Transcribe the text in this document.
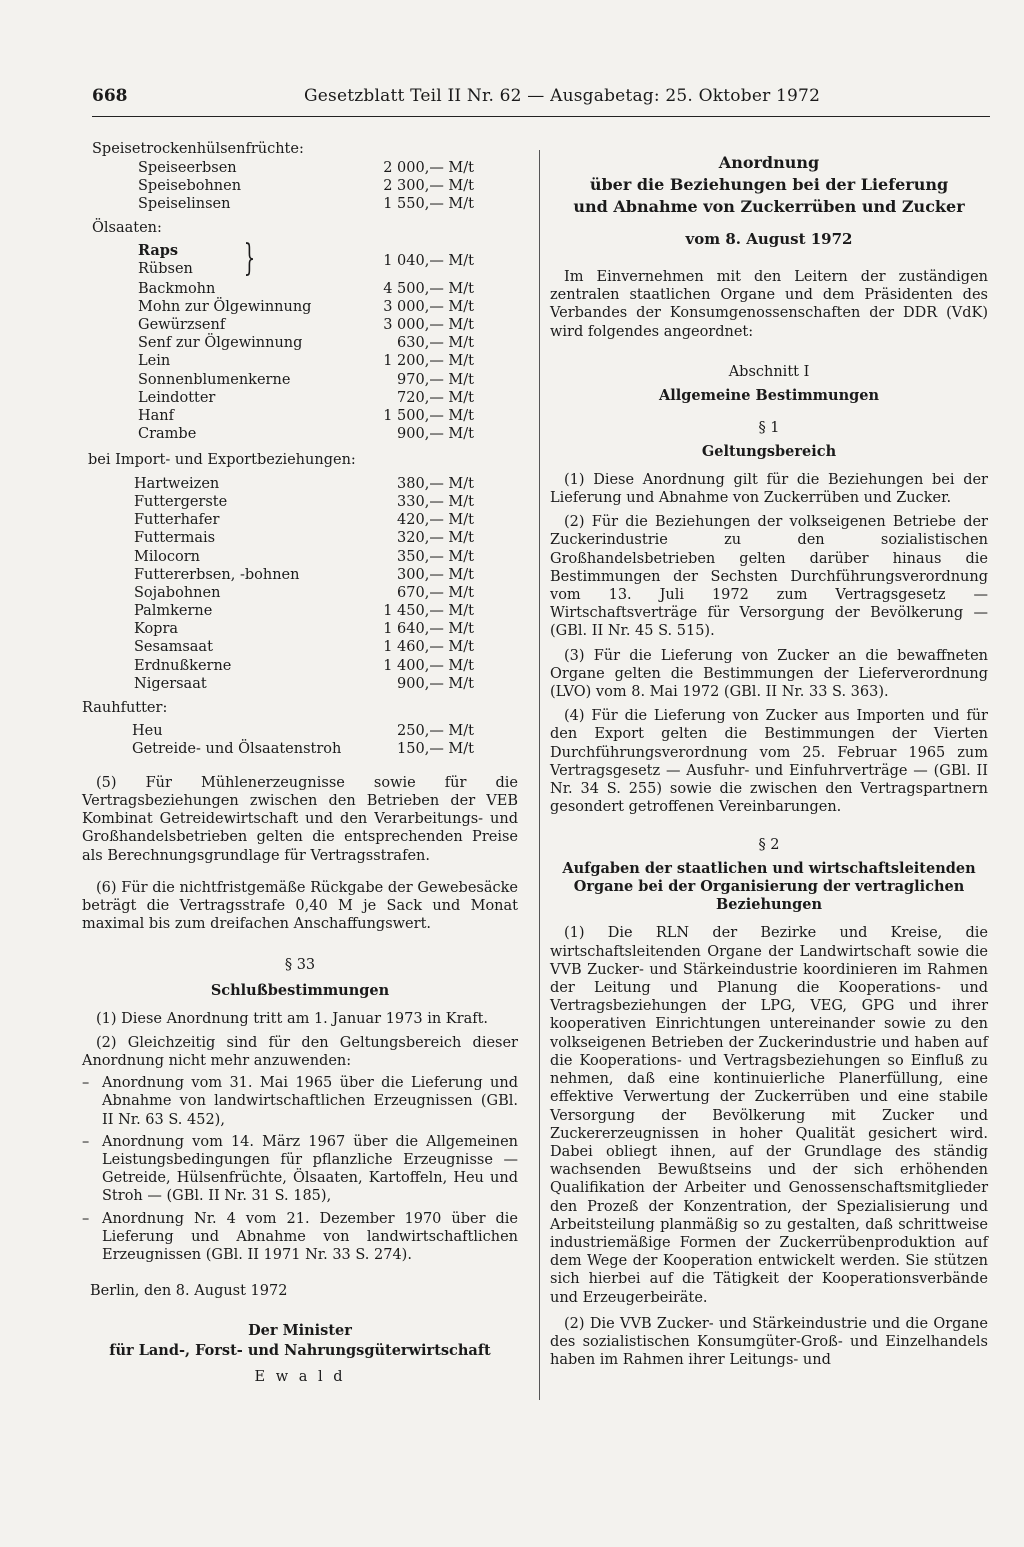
668	Gesetzblatt Teil II Nr. 62 — Ausgabetag: 25. Oktober 1972
Speisetrockenhülsenfrüchte:
Speiseerbsen	2 000,— M/t
Speisebohnen	2 300,— M/t
Speiselinsen	1 550,— M/t
Ölsaaten:
Raps
Rübsen }	1 040,— M/t
Backmohn	4 500,— M/t
Mohn zur Ölgewinnung	3 000,— M/t
Gewürzsenf	3 000,— M/t
Senf zur Ölgewinnung	630,— M/t
Lein	1 200,— M/t
Sonnenblumenkerne	970,— M/t
Leindotter	720,— M/t
Hanf	1 500,— M/t
Crambe	900,— M/t
bei Import- und Exportbeziehungen:
Hartweizen	380,— M/t
Futtergerste	330,— M/t
Futterhafer	420,— M/t
Futtermais	320,— M/t
Milocorn	350,— M/t
Futtererbsen, -bohnen	300,— M/t
Sojabohnen	670,— M/t
Palmkerne	1 450,— M/t
Kopra	1 640,— M/t
Sesamsaat	1 460,— M/t
Erdnußkerne	1 400,— M/t
Nigersaat	900,— M/t
Rauhfutter:
Heu	250,— M/t
Getreide- und Ölsaatenstroh	150,— M/t

(5) Für Mühlenerzeugnisse sowie für die Vertragsbeziehungen zwischen den Betrieben der VEB Kombinat Getreidewirtschaft und den Verarbeitungs- und Großhandelsbetrieben gelten die entsprechenden Preise als Berechnungsgrundlage für Vertragsstrafen.

(6) Für die nichtfristgemäße Rückgabe der Gewebesäcke beträgt die Vertragsstrafe 0,40 M je Sack und Monat maximal bis zum dreifachen Anschaffungswert.

§ 33
Schlußbestimmungen

(1) Diese Anordnung tritt am 1. Januar 1973 in Kraft.

(2) Gleichzeitig sind für den Geltungsbereich dieser Anordnung nicht mehr anzuwenden:

– Anordnung vom 31. Mai 1965 über die Lieferung und Abnahme von landwirtschaftlichen Erzeugnissen (GBl. II Nr. 63 S. 452),
– Anordnung vom 14. März 1967 über die Allgemeinen Leistungsbedingungen für pflanzliche Erzeugnisse — Getreide, Hülsenfrüchte, Ölsaaten, Kartoffeln, Heu und Stroh — (GBl. II Nr. 31 S. 185),
– Anordnung Nr. 4 vom 21. Dezember 1970 über die Lieferung und Abnahme von landwirtschaftlichen Erzeugnissen (GBl. II 1971 Nr. 33 S. 274).

Berlin, den 8. August 1972

Der Minister
für Land-, Forst- und Nahrungsgüterwirtschaft
E w a l d
Anordnung
über die Beziehungen bei der Lieferung
und Abnahme von Zuckerrüben und Zucker
vom 8. August 1972

Im Einvernehmen mit den Leitern der zuständigen zentralen staatlichen Organe und dem Präsidenten des Verbandes der Konsumgenossenschaften der DDR (VdK) wird folgendes angeordnet:

Abschnitt I
Allgemeine Bestimmungen
§ 1
Geltungsbereich

(1) Diese Anordnung gilt für die Beziehungen bei der Lieferung und Abnahme von Zuckerrüben und Zucker.

(2) Für die Beziehungen der volkseigenen Betriebe der Zuckerindustrie zu den sozialistischen Großhandelsbetrieben gelten darüber hinaus die Bestimmungen der Sechsten Durchführungsverordnung vom 13. Juli 1972 zum Vertragsgesetz — Wirtschaftsverträge für Versorgung der Bevölkerung — (GBl. II Nr. 45 S. 515).

(3) Für die Lieferung von Zucker an die bewaffneten Organe gelten die Bestimmungen der Lieferverordnung (LVO) vom 8. Mai 1972 (GBl. II Nr. 33 S. 363).

(4) Für die Lieferung von Zucker aus Importen und für den Export gelten die Bestimmungen der Vierten Durchführungsverordnung vom 25. Februar 1965 zum Vertragsgesetz — Ausfuhr- und Einfuhrverträge — (GBl. II Nr. 34 S. 255) sowie die zwischen den Vertragspartnern gesondert getroffenen Vereinbarungen.

§ 2
Aufgaben der staatlichen und wirtschaftsleitenden Organe bei der Organisierung der vertraglichen Beziehungen

(1) Die RLN der Bezirke und Kreise, die wirtschaftsleitenden Organe der Landwirtschaft sowie die VVB Zucker- und Stärkeindustrie koordinieren im Rahmen der Leitung und Planung die Kooperations- und Vertragsbeziehungen der LPG, VEG, GPG und ihrer kooperativen Einrichtungen untereinander sowie zu den volkseigenen Betrieben der Zuckerindustrie und haben auf die Kooperations- und Vertragsbeziehungen so Einfluß zu nehmen, daß eine kontinuierliche Planerfüllung, eine effektive Verwertung der Zuckerrüben und eine stabile Versorgung der Bevölkerung mit Zucker und Zuckererzeugnissen in hoher Qualität gesichert wird. Dabei obliegt ihnen, auf der Grundlage des ständig wachsenden Bewußtseins und der sich erhöhenden Qualifikation der Arbeiter und Genossenschaftsmitglieder den Prozeß der Konzentration, der Spezialisierung und Arbeitsteilung planmäßig so zu gestalten, daß schrittweise industriemäßige Formen der Zuckerrübenproduktion auf dem Wege der Kooperation entwickelt werden. Sie stützen sich hierbei auf die Tätigkeit der Kooperationsverbände und Erzeugerbeiräte.

(2) Die VVB Zucker- und Stärkeindustrie und die Organe des sozialistischen Konsumgüter-Groß- und Einzelhandels haben im Rahmen ihrer Leitungs- und
